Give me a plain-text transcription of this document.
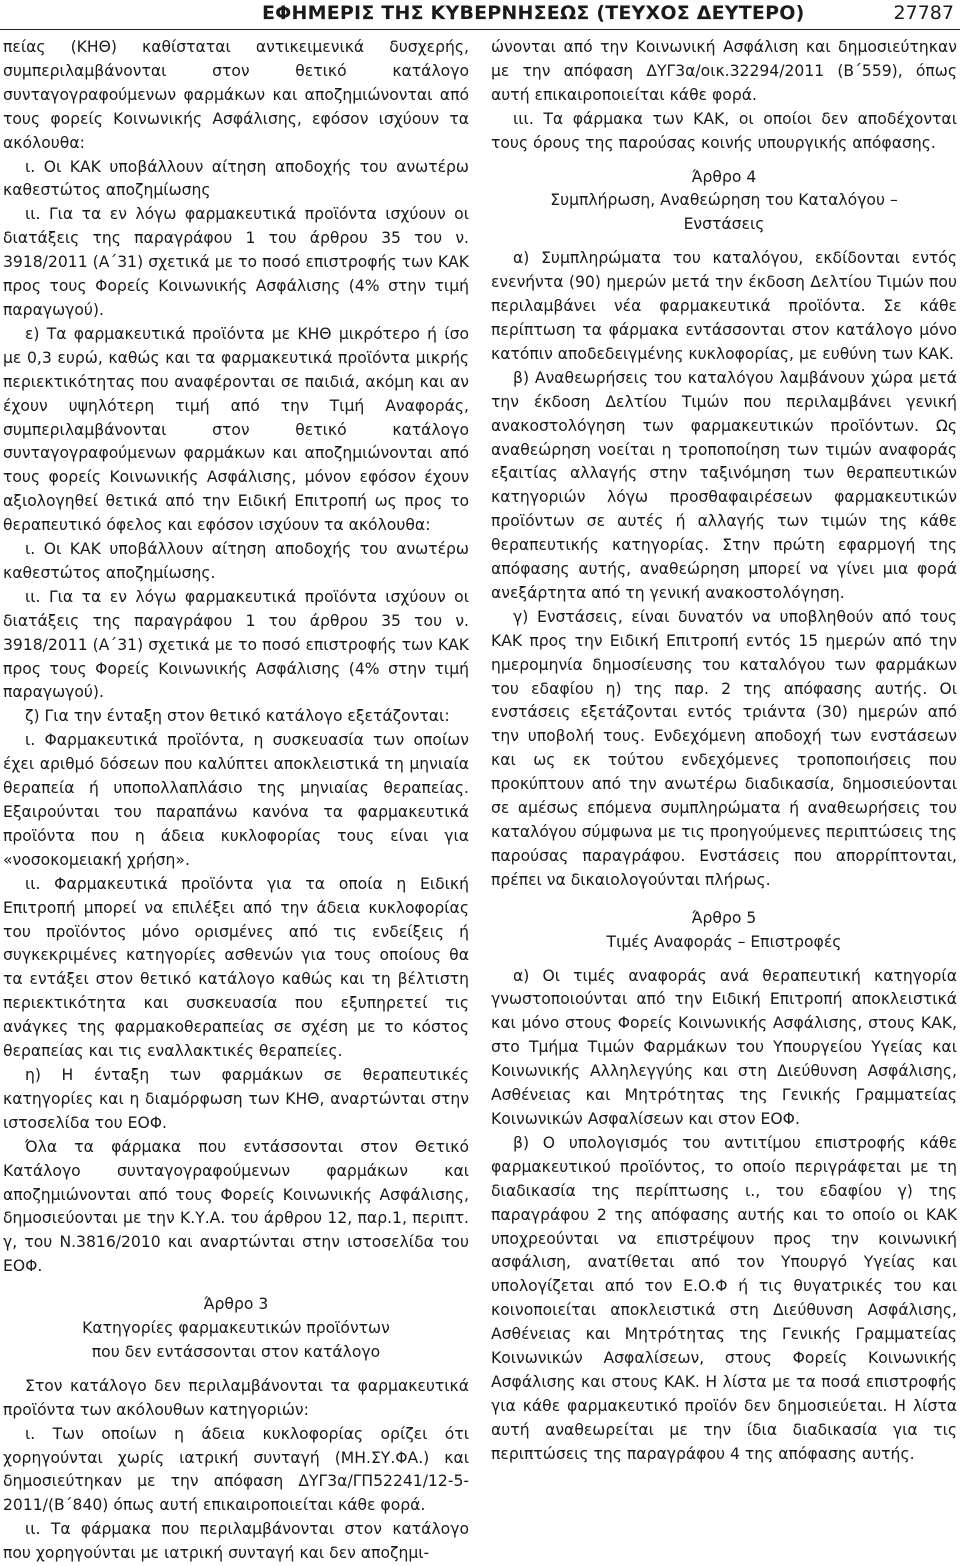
ΕΦΗΜΕΡΙΣ ΤΗΣ ΚΥΒΕΡΝΗΣΕΩΣ (ΤΕΥΧΟΣ ΔΕΥΤΕΡΟ)	27787

πείας (ΚΗΘ) καθίσταται αντικειμενικά δυσχερής, συμπεριλαμβάνονται στον θετικό κατάλογο συνταγογραφούμενων φαρμάκων και αποζημιώνονται από τους φορείς Κοινωνικής Ασφάλισης, εφόσον ισχύουν τα ακόλουθα:

ι. Οι ΚΑΚ υποβάλλουν αίτηση αποδοχής του ανωτέρω καθεστώτος αποζημίωσης

ιι. Για τα εν λόγω φαρμακευτικά προϊόντα ισχύουν οι διατάξεις της παραγράφου 1 του άρθρου 35 του ν. 3918/2011 (Α΄31) σχετικά με το ποσό επιστροφής των ΚΑΚ προς τους Φορείς Κοινωνικής Ασφάλισης (4% στην τιμή παραγωγού).

ε) Τα φαρμακευτικά προϊόντα με ΚΗΘ μικρότερο ή ίσο με 0,3 ευρώ, καθώς και τα φαρμακευτικά προϊόντα μικρής περιεκτικότητας που αναφέρονται σε παιδιά, ακόμη και αν έχουν υψηλότερη τιμή από την Τιμή Αναφοράς, συμπεριλαμβάνονται στον θετικό κατάλογο συνταγογραφούμενων φαρμάκων και αποζημιώνονται από τους φορείς Κοινωνικής Ασφάλισης, μόνον εφόσον έχουν αξιολογηθεί θετικά από την Ειδική Επιτροπή ως προς το θεραπευτικό όφελος και εφόσον ισχύουν τα ακόλουθα:

ι. Οι ΚΑΚ υποβάλλουν αίτηση αποδοχής του ανωτέρω καθεστώτος αποζημίωσης.

ιι. Για τα εν λόγω φαρμακευτικά προϊόντα ισχύουν οι διατάξεις της παραγράφου 1 του άρθρου 35 του ν. 3918/2011 (Α΄31) σχετικά με το ποσό επιστροφής των ΚΑΚ προς τους Φορείς Κοινωνικής Ασφάλισης (4% στην τιμή παραγωγού).

ζ) Για την ένταξη στον θετικό κατάλογο εξετάζονται:

ι. Φαρμακευτικά προϊόντα, η συσκευασία των οποίων έχει αριθμό δόσεων που καλύπτει αποκλειστικά τη μηνιαία θεραπεία ή υποπολλαπλάσιο της μηνιαίας θεραπείας. Εξαιρούνται του παραπάνω κανόνα τα φαρμακευτικά προϊόντα που η άδεια κυκλοφορίας τους είναι για «νοσοκομειακή χρήση».

ιι. Φαρμακευτικά προϊόντα για τα οποία η Ειδική Επιτροπή μπορεί να επιλέξει από την άδεια κυκλοφορίας του προϊόντος μόνο ορισμένες από τις ενδείξεις ή συγκεκριμένες κατηγορίες ασθενών για τους οποίους θα τα εντάξει στον θετικό κατάλογο καθώς και τη βέλτιστη περιεκτικότητα και συσκευασία που εξυπηρετεί τις ανάγκες της φαρμακοθεραπείας σε σχέση με το κόστος θεραπείας και τις εναλλακτικές θεραπείες.

η) Η ένταξη των φαρμάκων σε θεραπευτικές κατηγορίες και η διαμόρφωση των ΚΗΘ, αναρτώνται στην ιστοσελίδα του ΕΟΦ.

Όλα τα φάρμακα που εντάσσονται στον Θετικό Κατάλογο συνταγογραφούμενων φαρμάκων και αποζημιώνονται από τους Φορείς Κοινωνικής Ασφάλισης, δημοσιεύονται με την Κ.Υ.Α. του άρθρου 12, παρ.1, περιπτ. γ, του Ν.3816/2010 και αναρτώνται στην ιστοσελίδα του ΕΟΦ.

Άρθρο 3
Κατηγορίες φαρμακευτικών προϊόντων
που δεν εντάσσονται στον κατάλογο

Στον κατάλογο δεν περιλαμβάνονται τα φαρμακευτικά προϊόντα των ακόλουθων κατηγοριών:

ι. Των οποίων η άδεια κυκλοφορίας ορίζει ότι χορηγούνται χωρίς ιατρική συνταγή (ΜΗ.ΣΥ.ΦΑ.) και δημοσιεύτηκαν με την απόφαση ΔΥΓ3α/ΓΠ52241/12-5-2011/(Β΄840) όπως αυτή επικαιροποιείται κάθε φορά.

ιι. Τα φάρμακα που περιλαμβάνονται στον κατάλογο που χορηγούνται με ιατρική συνταγή και δεν αποζημι-

ώνονται από την Κοινωνική Ασφάλιση και δημοσιεύτηκαν με την απόφαση ΔΥΓ3α/οικ.32294/2011 (Β΄559), όπως αυτή επικαιροποιείται κάθε φορά.

ιιι. Τα φάρμακα των ΚΑΚ, οι οποίοι δεν αποδέχονται τους όρους της παρούσας κοινής υπουργικής απόφασης.

Άρθρο 4
Συμπλήρωση, Αναθεώρηση του Καταλόγου –
Ενστάσεις

α) Συμπληρώματα του καταλόγου, εκδίδονται εντός ενενήντα (90) ημερών μετά την έκδοση Δελτίου Τιμών που περιλαμβάνει νέα φαρμακευτικά προϊόντα. Σε κάθε περίπτωση τα φάρμακα εντάσσονται στον κατάλογο μόνο κατόπιν αποδεδειγμένης κυκλοφορίας, με ευθύνη των ΚΑΚ.

β) Αναθεωρήσεις του καταλόγου λαμβάνουν χώρα μετά την έκδοση Δελτίου Τιμών που περιλαμβάνει γενική ανακοστολόγηση των φαρμακευτικών προϊόντων. Ως αναθεώρηση νοείται η τροποποίηση των τιμών αναφοράς εξαιτίας αλλαγής στην ταξινόμηση των θεραπευτικών κατηγοριών λόγω προσθαφαιρέσεων φαρμακευτικών προϊόντων σε αυτές ή αλλαγής των τιμών της κάθε θεραπευτικής κατηγορίας. Στην πρώτη εφαρμογή της απόφασης αυτής, αναθεώρηση μπορεί να γίνει μια φορά ανεξάρτητα από τη γενική ανακοστολόγηση.

γ) Ενστάσεις, είναι δυνατόν να υποβληθούν από τους ΚΑΚ προς την Ειδική Επιτροπή εντός 15 ημερών από την ημερομηνία δημοσίευσης του καταλόγου των φαρμάκων του εδαφίου η) της παρ. 2 της απόφασης αυτής. Οι ενστάσεις εξετάζονται εντός τριάντα (30) ημερών από την υποβολή τους. Ενδεχόμενη αποδοχή των ενστάσεων και ως εκ τούτου ενδεχόμενες τροποποιήσεις που προκύπτουν από την ανωτέρω διαδικασία, δημοσιεύονται σε αμέσως επόμενα συμπληρώματα ή αναθεωρήσεις του καταλόγου σύμφωνα με τις προηγούμενες περιπτώσεις της παρούσας παραγράφου. Ενστάσεις που απορρίπτονται, πρέπει να δικαιολογούνται πλήρως.

Άρθρο 5
Τιμές Αναφοράς – Επιστροφές

α) Οι τιμές αναφοράς ανά θεραπευτική κατηγορία γνωστοποιούνται από την Ειδική Επιτροπή αποκλειστικά και μόνο στους Φορείς Κοινωνικής Ασφάλισης, στους ΚΑΚ, στο Τμήμα Τιμών Φαρμάκων του Υπουργείου Υγείας και Κοινωνικής Αλληλεγγύης και στη Διεύθυνση Ασφάλισης, Ασθένειας και Μητρότητας της Γενικής Γραμματείας Κοινωνικών Ασφαλίσεων και στον ΕΟΦ.

β) Ο υπολογισμός του αντιτίμου επιστροφής κάθε φαρμακευτικού προϊόντος, το οποίο περιγράφεται με τη διαδικασία της περίπτωσης ι., του εδαφίου γ) της παραγράφου 2 της απόφασης αυτής και το οποίο οι ΚΑΚ υποχρεούνται να επιστρέψουν προς την κοινωνική ασφάλιση, ανατίθεται από τον Υπουργό Υγείας και υπολογίζεται από τον Ε.Ο.Φ ή τις θυγατρικές του και κοινοποιείται αποκλειστικά στη Διεύθυνση Ασφάλισης, Ασθένειας και Μητρότητας της Γενικής Γραμματείας Κοινωνικών Ασφαλίσεων, στους Φορείς Κοινωνικής Ασφάλισης και στους ΚΑΚ. Η λίστα με τα ποσά επιστροφής για κάθε φαρμακευτικό προϊόν δεν δημοσιεύεται. Η λίστα αυτή αναθεωρείται με την ίδια διαδικασία για τις περιπτώσεις της παραγράφου 4 της απόφασης αυτής.
